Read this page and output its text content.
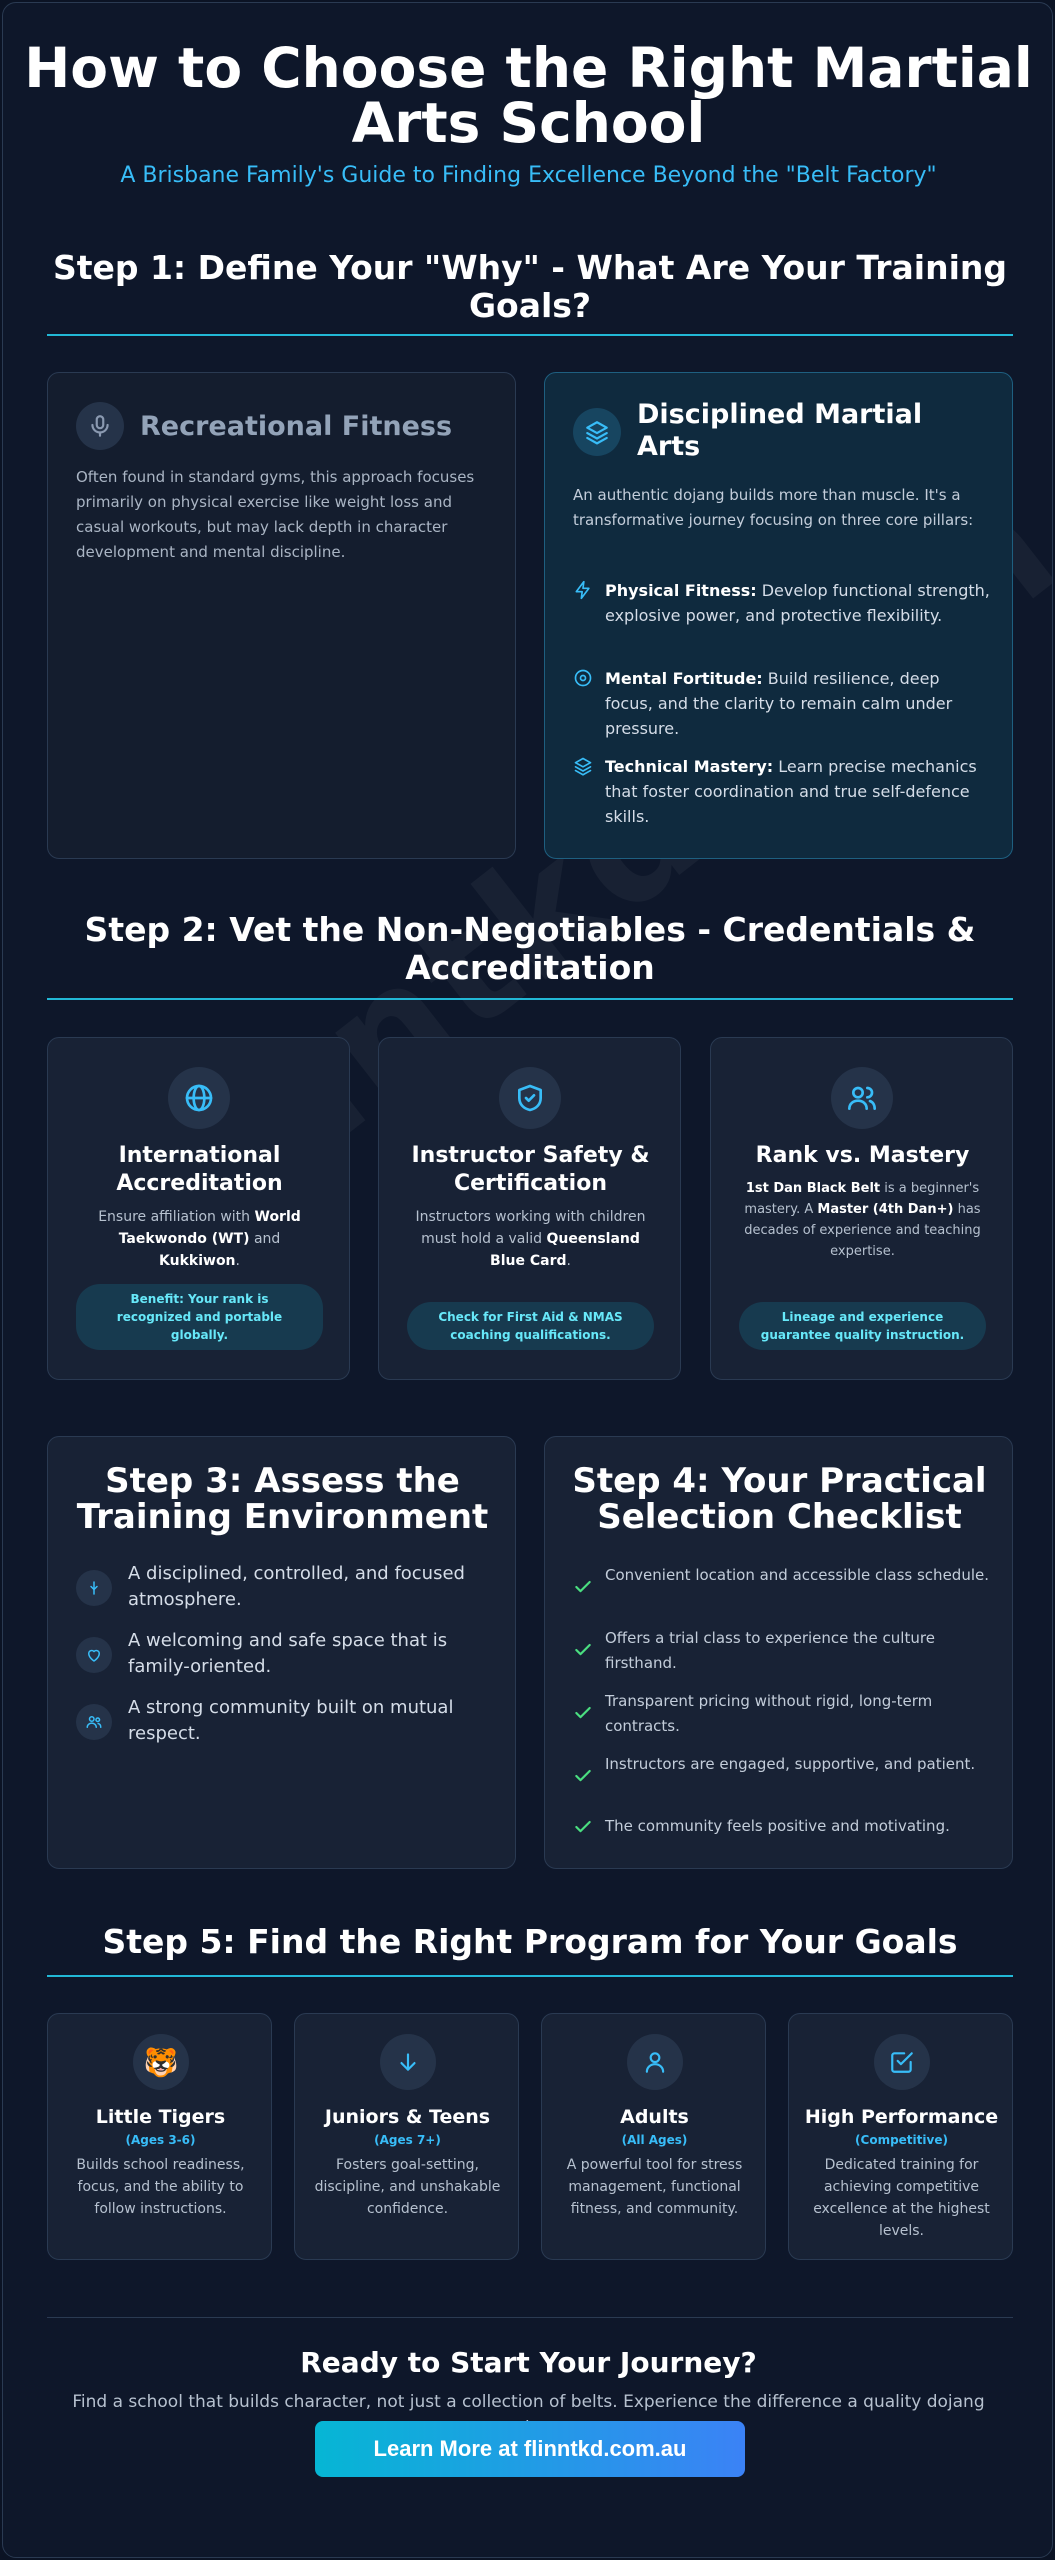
How to Choose the Right Martial Arts School
A Brisbane Family's Guide to Finding Excellence Beyond the "Belt Factory"
Step 1: Define Your "Why" - What Are Your Training Goals?
Recreational Fitness
Often found in standard gyms, this approach focuses primarily on physical exercise like weight loss and casual workouts, but may lack depth in character development and mental discipline.
Disciplined Martial Arts
An authentic dojang builds more than muscle. It's a transformative journey focusing on three core pillars:
Physical Fitness: Develop functional strength, explosive power, and protective flexibility.
Mental Fortitude: Build resilience, deep focus, and the clarity to remain calm under pressure.
Technical Mastery: Learn precise mechanics that foster coordination and true self-defence skills.
Step 2: Vet the Non-Negotiables - Credentials & Accreditation
International Accreditation
Ensure affiliation with World Taekwondo (WT) and Kukkiwon.
Benefit: Your rank is recognized and portable globally.
Instructor Safety & Certification
Instructors working with children must hold a valid Queensland Blue Card.
Check for First Aid & NMAS coaching qualifications.
Rank vs. Mastery
1st Dan Black Belt is a beginner's mastery. A Master (4th Dan+) has decades of experience and teaching expertise.
Lineage and experience guarantee quality instruction.
Step 3: Assess the Training Environment
A disciplined, controlled, and focused atmosphere.
A welcoming and safe space that is family-oriented.
A strong community built on mutual respect.
Step 4: Your Practical Selection Checklist
Convenient location and accessible class schedule.
Offers a trial class to experience the culture firsthand.
Transparent pricing without rigid, long-term contracts.
Instructors are engaged, supportive, and patient.
The community feels positive and motivating.
Step 5: Find the Right Program for Your Goals
🐯
Little Tigers
(Ages 3-6)
Builds school readiness, focus, and the ability to follow instructions.
Juniors & Teens
(Ages 7+)
Fosters goal-setting, discipline, and unshakable confidence.
Adults
(All Ages)
A powerful tool for stress management, functional fitness, and community.
High Performance
(Competitive)
Dedicated training for achieving competitive excellence at the highest levels.
Ready to Start Your Journey?
Find a school that builds character, not just a collection of belts. Experience the difference a quality dojang
Learn More at flinntkd.com.au
